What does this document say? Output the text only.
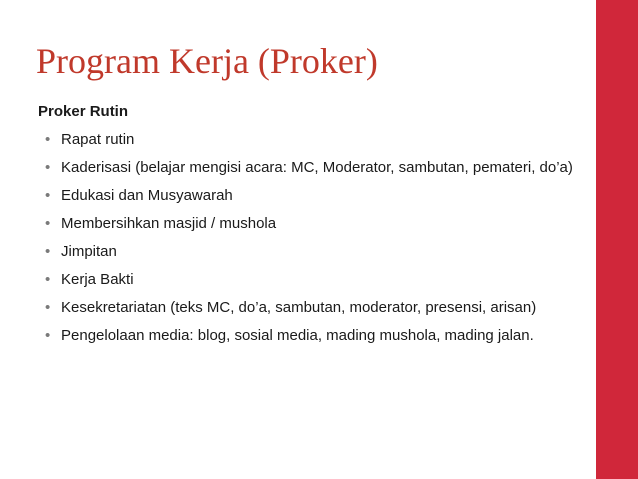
Program Kerja (Proker)
Proker Rutin
• Rapat rutin
• Kaderisasi (belajar mengisi acara: MC, Moderator, sambutan, pemateri, do’a)
• Edukasi dan Musyawarah
• Membersihkan masjid / mushola
• Jimpitan
• Kerja Bakti
• Kesekretariatan (teks MC, do’a, sambutan, moderator, presensi, arisan)
• Pengelolaan media: blog, sosial media, mading mushola, mading jalan.
